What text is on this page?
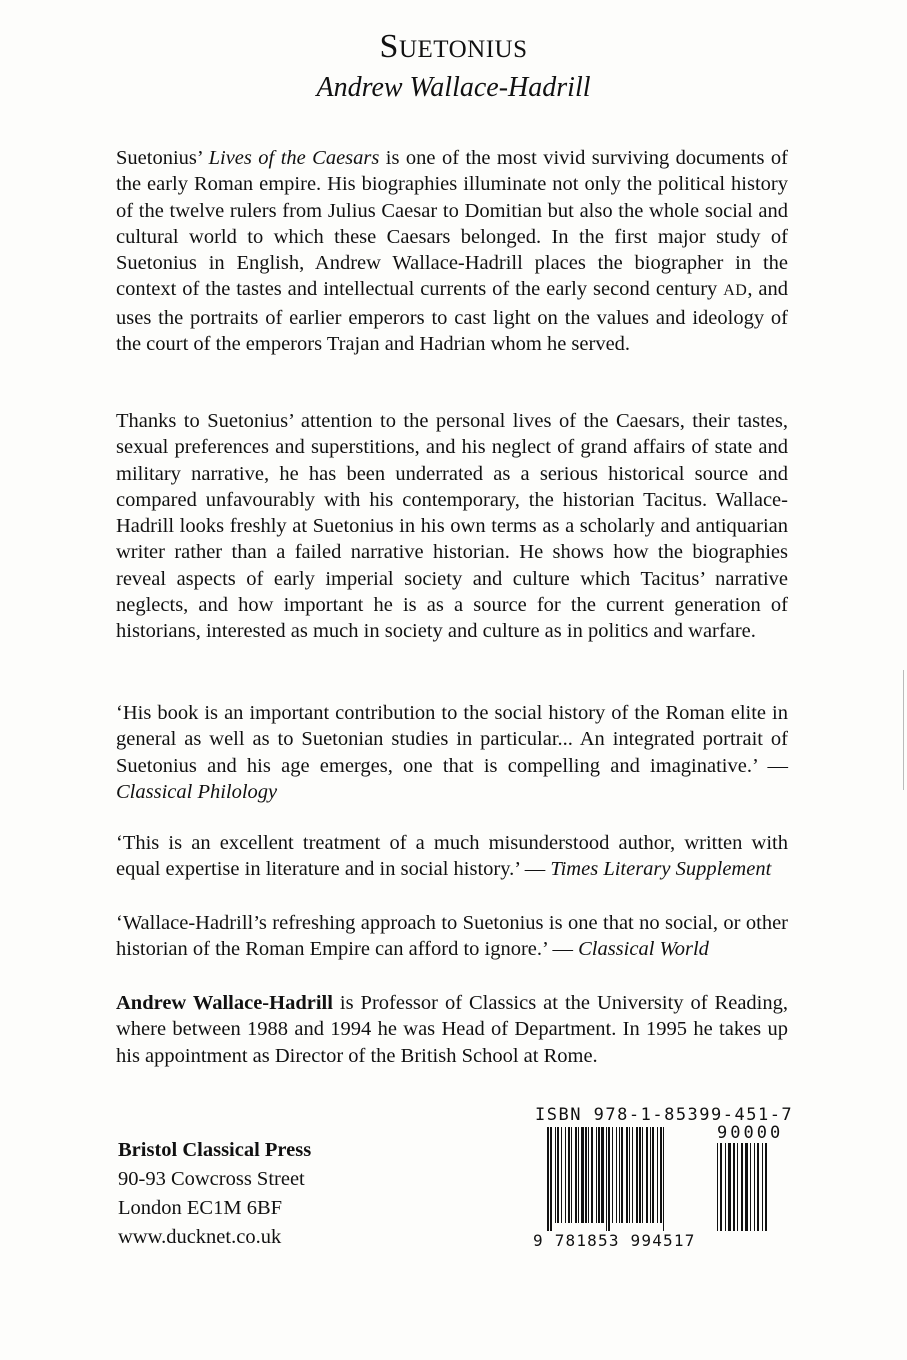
SUETONIUS
Andrew Wallace-Hadrill

Suetonius’ Lives of the Caesars is one of the most vivid surviving documents of the early Roman empire. His biographies illuminate not only the political history of the twelve rulers from Julius Caesar to Domitian but also the whole social and cultural world to which these Caesars belonged. In the first major study of Suetonius in English, Andrew Wallace-Hadrill places the biographer in the context of the tastes and intellectual currents of the early second century AD, and uses the portraits of earlier emperors to cast light on the values and ideology of the court of the emperors Trajan and Hadrian whom he served.

Thanks to Suetonius’ attention to the personal lives of the Caesars, their tastes, sexual preferences and superstitions, and his neglect of grand affairs of state and military narrative, he has been underrated as a serious historical source and compared unfavourably with his contemporary, the historian Tacitus. Wallace-Hadrill looks freshly at Suetonius in his own terms as a scholarly and antiquarian writer rather than a failed narrative historian. He shows how the biographies reveal aspects of early imperial society and culture which Tacitus’ narrative neglects, and how important he is as a source for the current generation of historians, interested as much in society and culture as in politics and warfare.

‘His book is an important contribution to the social history of the Roman elite in general as well as to Suetonian studies in particular... An integrated portrait of Suetonius and his age emerges, one that is compelling and imaginative.’ — Classical Philology

‘This is an excellent treatment of a much misunderstood author, written with equal expertise in literature and in social history.’ — Times Literary Supplement

‘Wallace-Hadrill’s refreshing approach to Suetonius is one that no social, or other historian of the Roman Empire can afford to ignore.’ — Classical World

Andrew Wallace-Hadrill is Professor of Classics at the University of Reading, where between 1988 and 1994 he was Head of Department. In 1995 he takes up his appointment as Director of the British School at Rome.

Bristol Classical Press
90-93 Cowcross Street
London EC1M 6BF
www.ducknet.co.uk
ISBN 978-1-85399-451-7
90000
9 781853 994517
